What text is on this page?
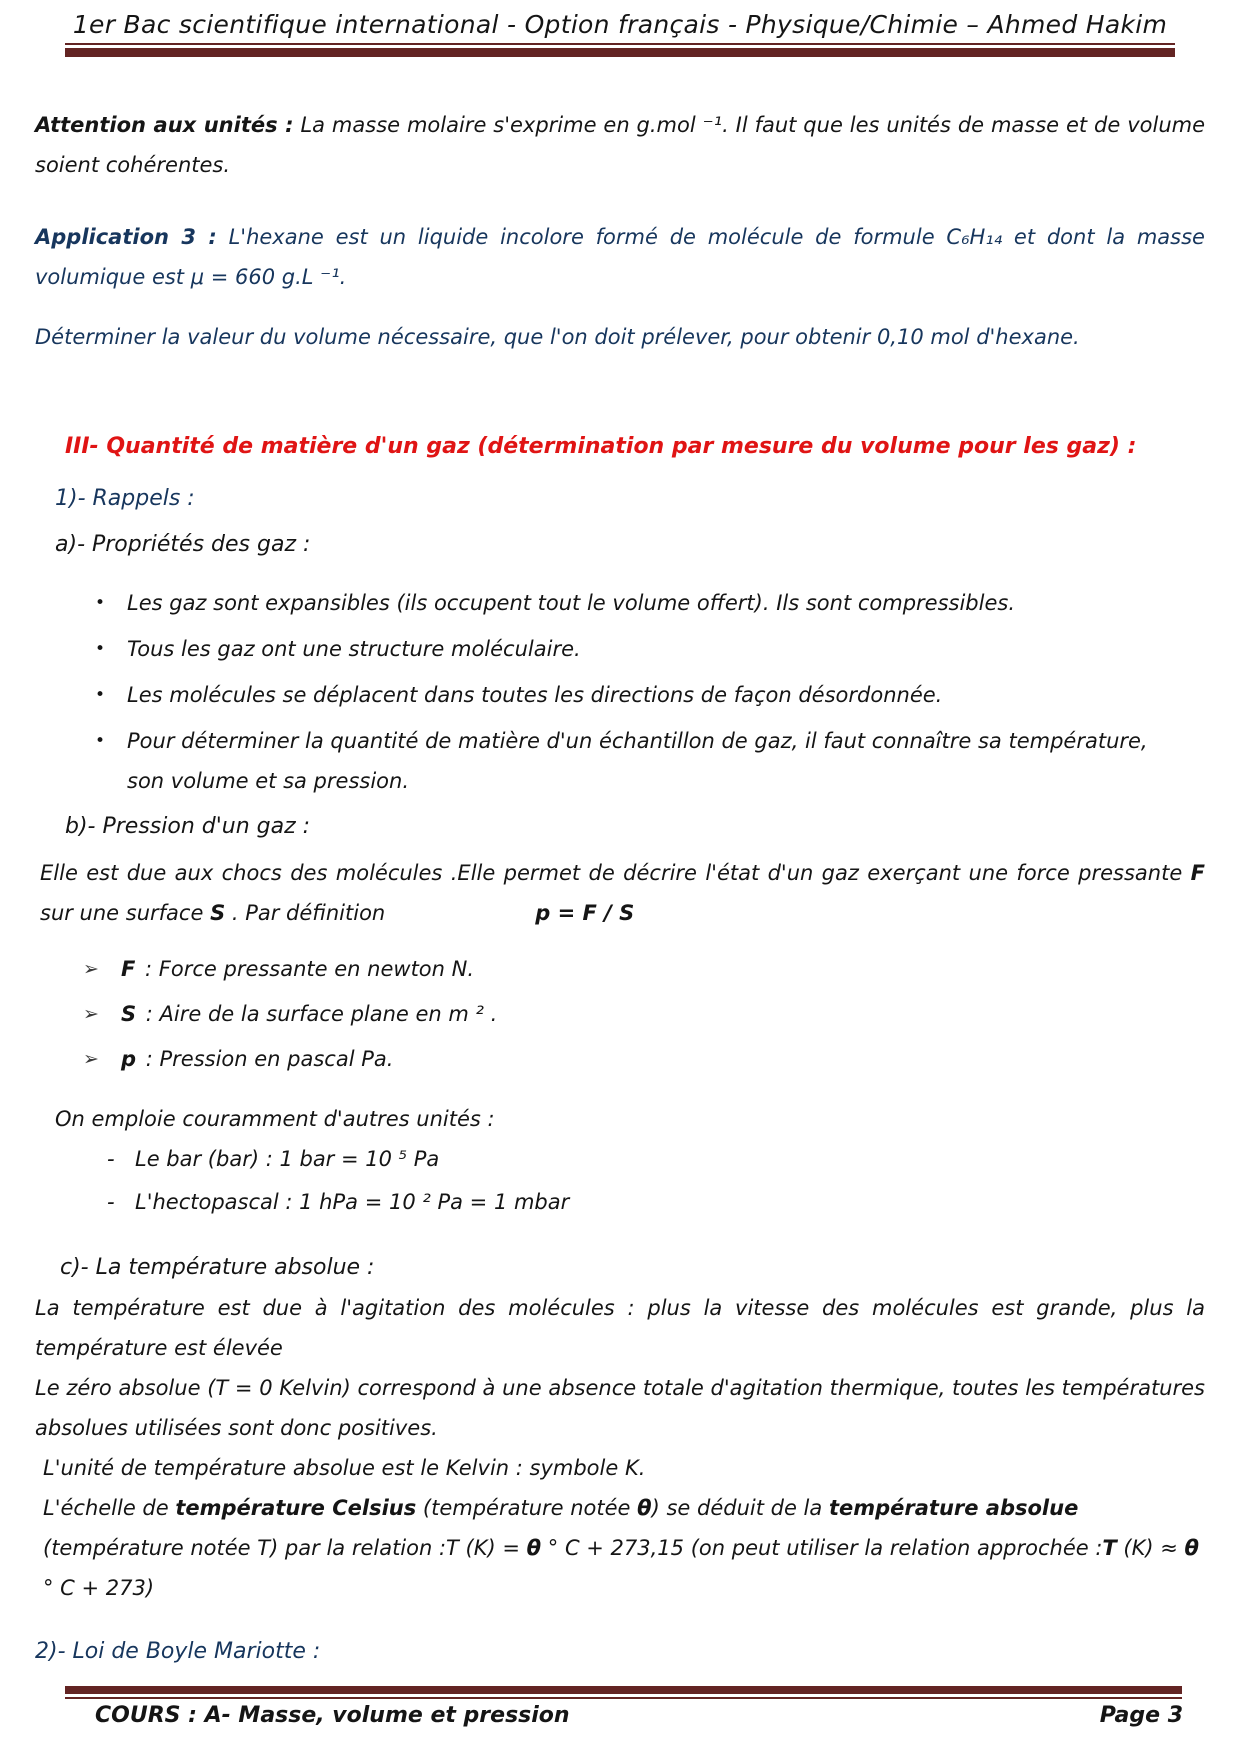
1er Bac scientifique international - Option français - Physique/Chimie – Ahmed Hakim

Attention aux unités : La masse molaire s'exprime en g.mol ⁻¹. Il faut que les unités de masse et de volume soient cohérentes.

Application 3 : L'hexane est un liquide incolore formé de molécule de formule C₆H₁₄ et dont la masse volumique est μ = 660 g.L ⁻¹.

Déterminer la valeur du volume nécessaire, que l'on doit prélever, pour obtenir 0,10 mol d'hexane.

III- Quantité de matière d'un gaz (détermination par mesure du volume pour les gaz) :

1)- Rappels :

a)- Propriétés des gaz :

•	Les gaz sont expansibles (ils occupent tout le volume offert). Ils sont compressibles.
•	Tous les gaz ont une structure moléculaire.
•	Les molécules se déplacent dans toutes les directions de façon désordonnée.
•	Pour déterminer la quantité de matière d'un échantillon de gaz, il faut connaître sa température, son volume et sa pression.

b)- Pression d'un gaz :

Elle est due aux chocs des molécules .Elle permet de décrire l'état d'un gaz exerçant une force pressante F sur une surface S . Par définition	p = F / S

➢	F : Force pressante en newton N.
➢	S : Aire de la surface plane en m ² .
➢	p : Pression en pascal Pa.

On emploie couramment d'autres unités :

- Le bar (bar) : 1 bar = 10 ⁵ Pa
- L'hectopascal : 1 hPa = 10 ² Pa = 1 mbar

c)- La température absolue :

La température est due à l'agitation des molécules : plus la vitesse des molécules est grande, plus la température est élevée

Le zéro absolue (T = 0 Kelvin) correspond à une absence totale d'agitation thermique, toutes les températures absolues utilisées sont donc positives.

L'unité de température absolue est le Kelvin : symbole K.

L'échelle de température Celsius (température notée θ) se déduit de la température absolue (température notée T) par la relation :T (K) = θ ° C + 273,15 (on peut utiliser la relation approchée :T (K) ≈ θ ° C + 273)

2)- Loi de Boyle Mariotte :

COURS : A- Masse, volume et pression	Page 3
